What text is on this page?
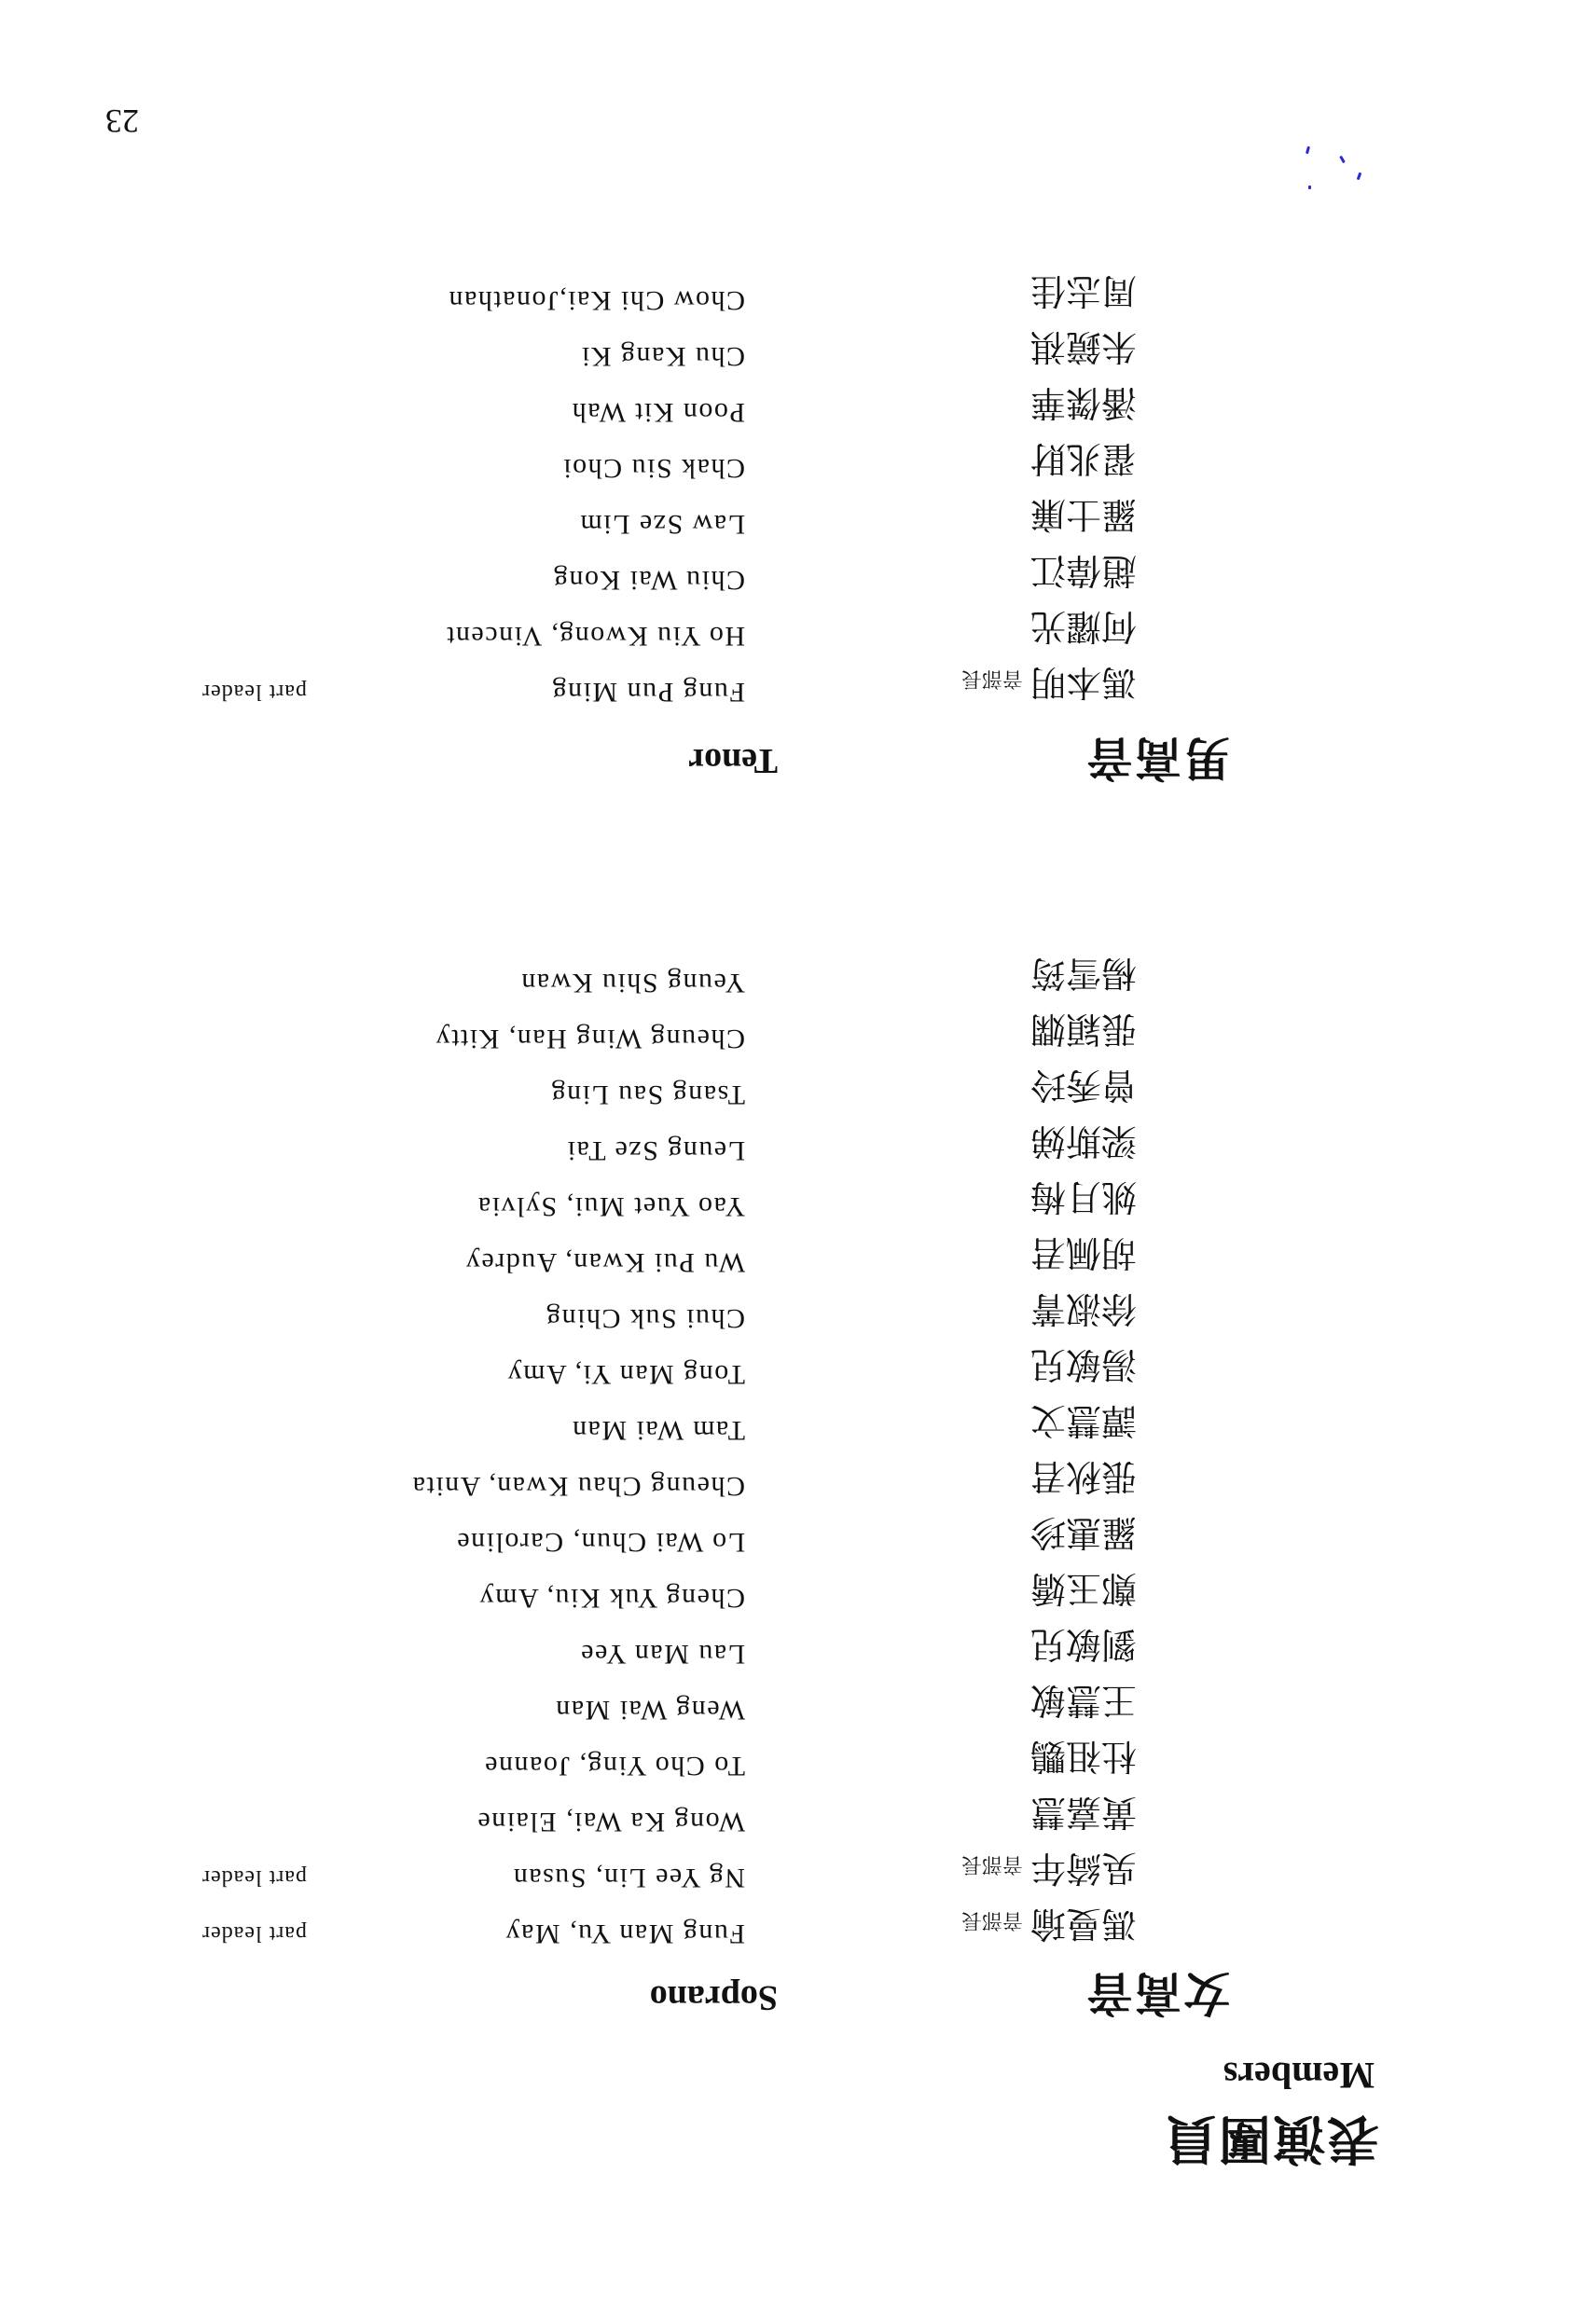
表演團員
Members
女高音
Soprano
馮曼瑜音部長
Fung Man Yu, May
part leader
吳綺年音部長
Ng Yee Lin, Susan
part leader
黃嘉慧
Wong Ka Wai, Elaine
杜祖鸚
To Cho Ying, Joanne
王慧敏
Weng Wai Man
劉敏兒
Lau Man Yee
鄭玉嬌
Cheng Yuk Kiu, Amy
羅惠珍
Lo Wai Chun, Caroline
張秋君
Cheung Chau Kwan, Anita
譚慧文
Tam Wai Man
湯敏兒
Tong Man Yi, Amy
徐淑菁
Chui Suk Ching
胡佩君
Wu Pui Kwan, Audrey
姚月梅
Yao Yuet Mui, Sylvia
梁斯娣
Leung Sze Tai
曾秀玲
Tsang Sau Ling
張穎嫻
Cheung Wing Han, Kitty
楊雪筠
Yeung Shiu Kwan
男高音
Tenor
馮本明音部長
Fung Pun Ming
part leader
何耀光
Ho Yiu Kwong, Vincent
趙偉江
Chiu Wai Kong
羅士廉
Law Sze Lim
翟兆財
Chak Siu Choi
潘傑華
Poon Kit Wah
朱鏡祺
Chu Kang Ki
周志佳
Chow Chi Kai,Jonathan
23
